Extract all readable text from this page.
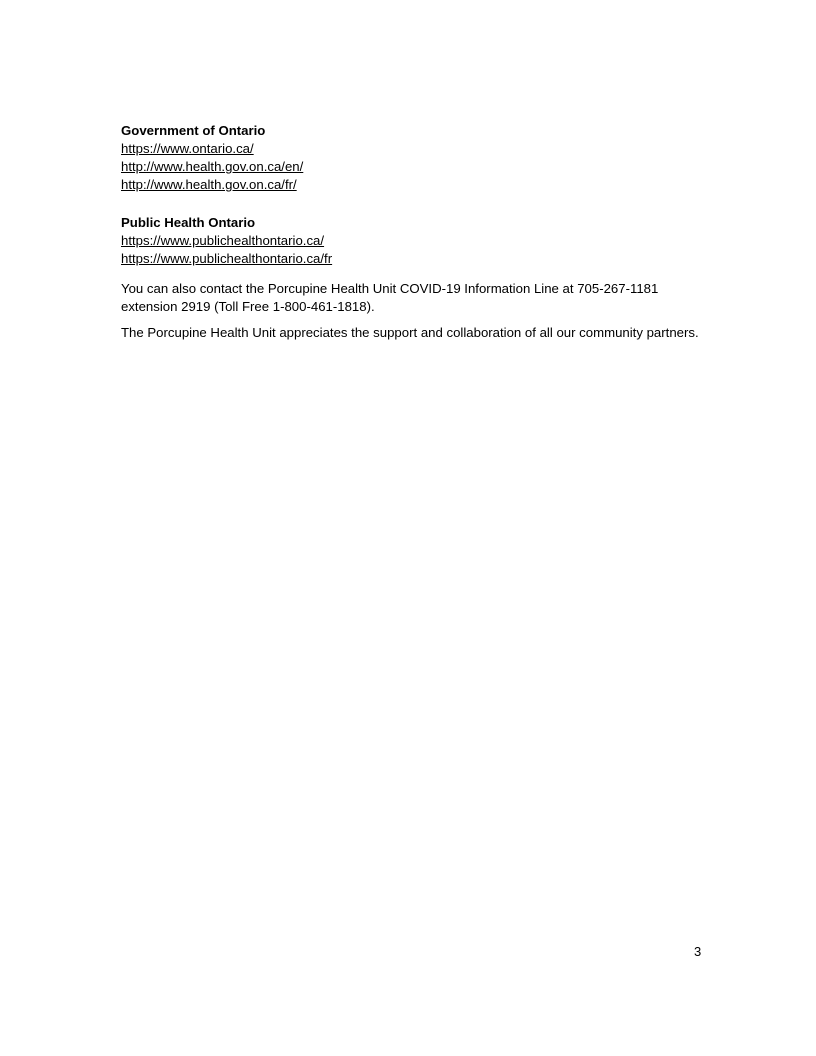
Government of Ontario
https://www.ontario.ca/
http://www.health.gov.on.ca/en/
http://www.health.gov.on.ca/fr/
Public Health Ontario
https://www.publichealthontario.ca/
https://www.publichealthontario.ca/fr

You can also contact the Porcupine Health Unit COVID-19 Information Line at 705-267-1181 extension 2919 (Toll Free 1-800-461-1818).

The Porcupine Health Unit appreciates the support and collaboration of all our community partners.

3
